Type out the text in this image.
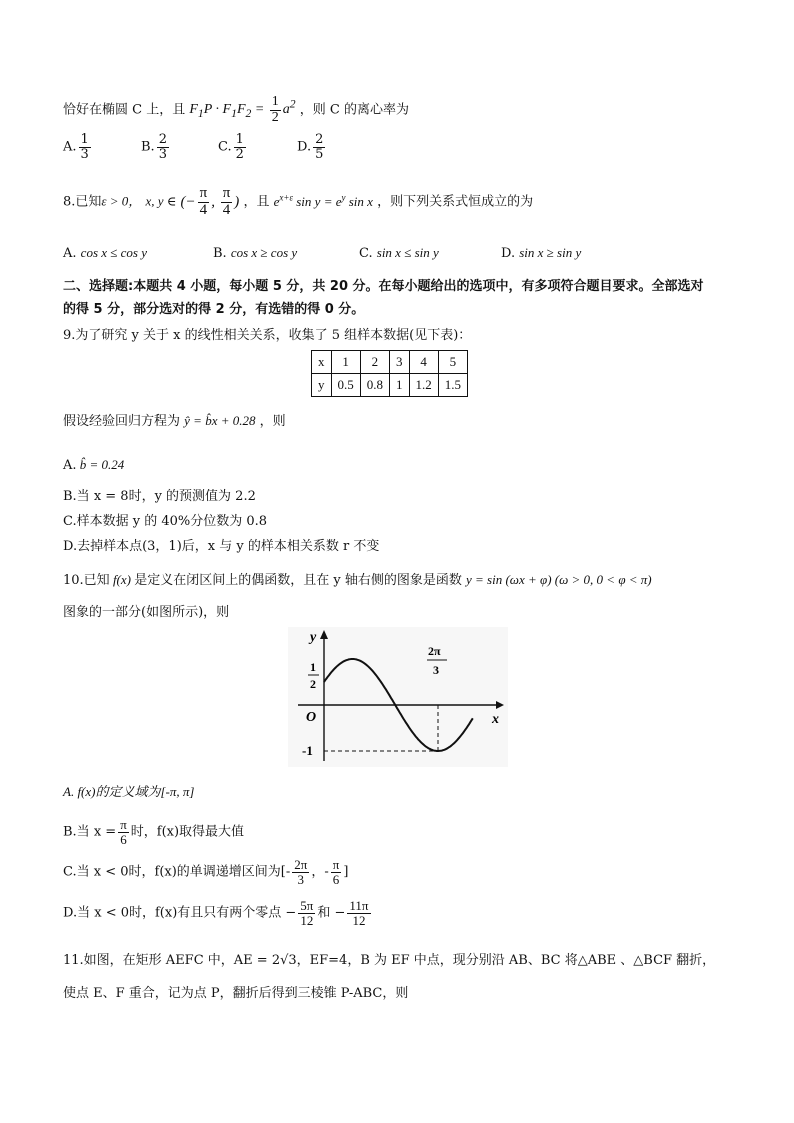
恰好在椭圆 C 上，且 $F_1P \cdot F_1F_2 = \frac{1}{2} a^2$ ，则 C 的离心率为
A. $\frac{1}{3}$	B. $\frac{2}{3}$	C. $\frac{1}{2}$	D. $\frac{2}{5}$
8.已知ε > 0， x, y ∈ (− $\frac{\pi}{4}$ , $\frac{\pi}{4}$ ) ，且 $e^{x+\varepsilon}$ $\sin y = e^y$ sin x ，则下列关系式恒成立的为
A. cos x ≤ cos y	B. cos x ≥ cos y	C. sin x ≤ sin y	D. sin x ≥ sin y
二、选择题:本题共 4 小题，每小题 5 分，共 20 分。在每小题给出的选项中，有多项符合题目要求。全部选对
的得 5 分，部分选对的得 2 分，有选错的得 0 分。
9.为了研究 y 关于 x 的线性相关关系，收集了 5 组样本数据(见下表)：
x	1	2	3	4	5
y	0.5	0.8	1	1.2	1.5
假设经验回归方程为 ŷ = b̂x + 0.28 ，则
A. b̂ = 0.24
B.当 x = 8时，y 的预测值为 2.2
C.样本数据 y 的 40%分位数为 0.8
D.去掉样本点(3，1)后，x 与 y 的样本相关系数 r 不变
10.已知 f(x) 是定义在闭区间上的偶函数，且在 y 轴右侧的图象是函数 y = sin (ωx + φ) (ω > 0, 0 < φ < π)
图象的一部分(如图所示)，则
y
x
O
1
2
2π
3
-1
A. f(x)的定义域为[-π, π]
B.当 $x = \frac{\pi}{6}$ 时，f(x)取得最大值
C.当 x < 0时，f(x)的单调递增区间为[- $\frac{2\pi}{3}$ ，- $\frac{\pi}{6}$ ]
D.当 x < 0时，f(x)有且只有两个零点 − $\frac{5\pi}{12}$ 和 − $\frac{11\pi}{12}$
11.如图，在矩形 AEFC 中，AE = 2√3，EF=4，B 为 EF 中点，现分别沿 AB、BC 将△ABE 、△BCF 翻折，
使点 E、F 重合，记为点 P，翻折后得到三棱锥 P-ABC，则
